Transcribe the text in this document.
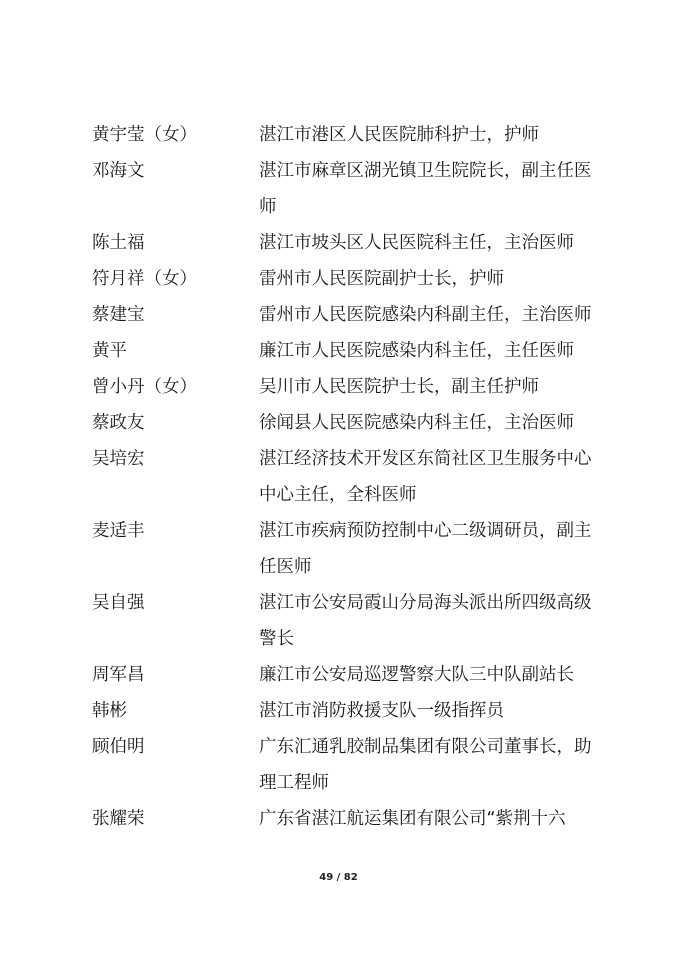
黄宇莹（女）	湛江市港区人民医院肺科护士，护师
邓海文	湛江市麻章区湖光镇卫生院院长，副主任医师
陈土福	湛江市坡头区人民医院科主任，主治医师
符月祥（女）	雷州市人民医院副护士长，护师
蔡建宝	雷州市人民医院感染内科副主任，主治医师
黄平	廉江市人民医院感染内科主任，主任医师
曾小丹（女）	吴川市人民医院护士长，副主任护师
蔡政友	徐闻县人民医院感染内科主任，主治医师
吴培宏	湛江经济技术开发区东简社区卫生服务中心中心主任，全科医师
麦适丰	湛江市疾病预防控制中心二级调研员，副主任医师
吴自强	湛江市公安局霞山分局海头派出所四级高级警长
周军昌	廉江市公安局巡逻警察大队三中队副站长
韩彬	湛江市消防救援支队一级指挥员
顾伯明	广东汇通乳胶制品集团有限公司董事长，助理工程师
张耀荣	广东省湛江航运集团有限公司“紫荆十六
49 / 82
